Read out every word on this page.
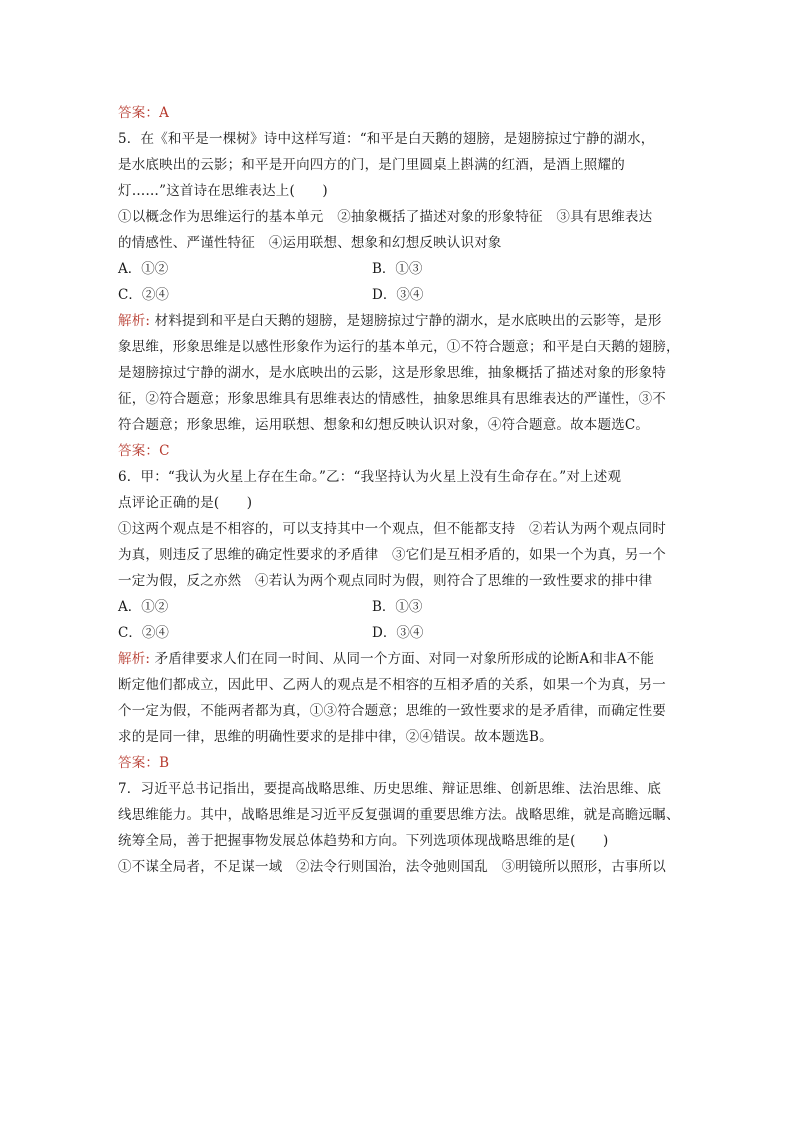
答案：A
5．在《和平是一棵树》诗中这样写道：“和平是白天鹅的翅膀，是翅膀掠过宁静的湖水，
是水底映出的云影；和平是开向四方的门，是门里圆桌上斟满的红酒，是酒上照耀的
灯……”这首诗在思维表达上(　　)
①以概念作为思维运行的基本单元　②抽象概括了描述对象的形象特征　③具有思维表达
的情感性、严谨性特征　④运用联想、想象和幻想反映认识对象
A．①②	B．①③
C．②④	D．③④
解析: 材料提到和平是白天鹅的翅膀，是翅膀掠过宁静的湖水，是水底映出的云影等，是形
象思维，形象思维是以感性形象作为运行的基本单元，①不符合题意；和平是白天鹅的翅膀，
是翅膀掠过宁静的湖水，是水底映出的云影，这是形象思维，抽象概括了描述对象的形象特
征，②符合题意；形象思维具有思维表达的情感性，抽象思维具有思维表达的严谨性，③不
符合题意；形象思维，运用联想、想象和幻想反映认识对象，④符合题意。故本题选C。
答案：C
6．甲：“我认为火星上存在生命。”乙：“我坚持认为火星上没有生命存在。”对上述观
点评论正确的是(　　)
①这两个观点是不相容的，可以支持其中一个观点，但不能都支持　②若认为两个观点同时
为真，则违反了思维的确定性要求的矛盾律　③它们是互相矛盾的，如果一个为真，另一个
一定为假，反之亦然　④若认为两个观点同时为假，则符合了思维的一致性要求的排中律
A．①②	B．①③
C．②④	D．③④
解析: 矛盾律要求人们在同一时间、从同一个方面、对同一对象所形成的论断A和非A不能
断定他们都成立，因此甲、乙两人的观点是不相容的互相矛盾的关系，如果一个为真，另一
个一定为假，不能两者都为真，①③符合题意；思维的一致性要求的是矛盾律，而确定性要
求的是同一律，思维的明确性要求的是排中律，②④错误。故本题选B。
答案：B
7．习近平总书记指出，要提高战略思维、历史思维、辩证思维、创新思维、法治思维、底
线思维能力。其中，战略思维是习近平反复强调的重要思维方法。战略思维，就是高瞻远瞩、
统筹全局，善于把握事物发展总体趋势和方向。下列选项体现战略思维的是(　　)
①不谋全局者，不足谋一域　②法令行则国治，法令弛则国乱　③明镜所以照形，古事所以
